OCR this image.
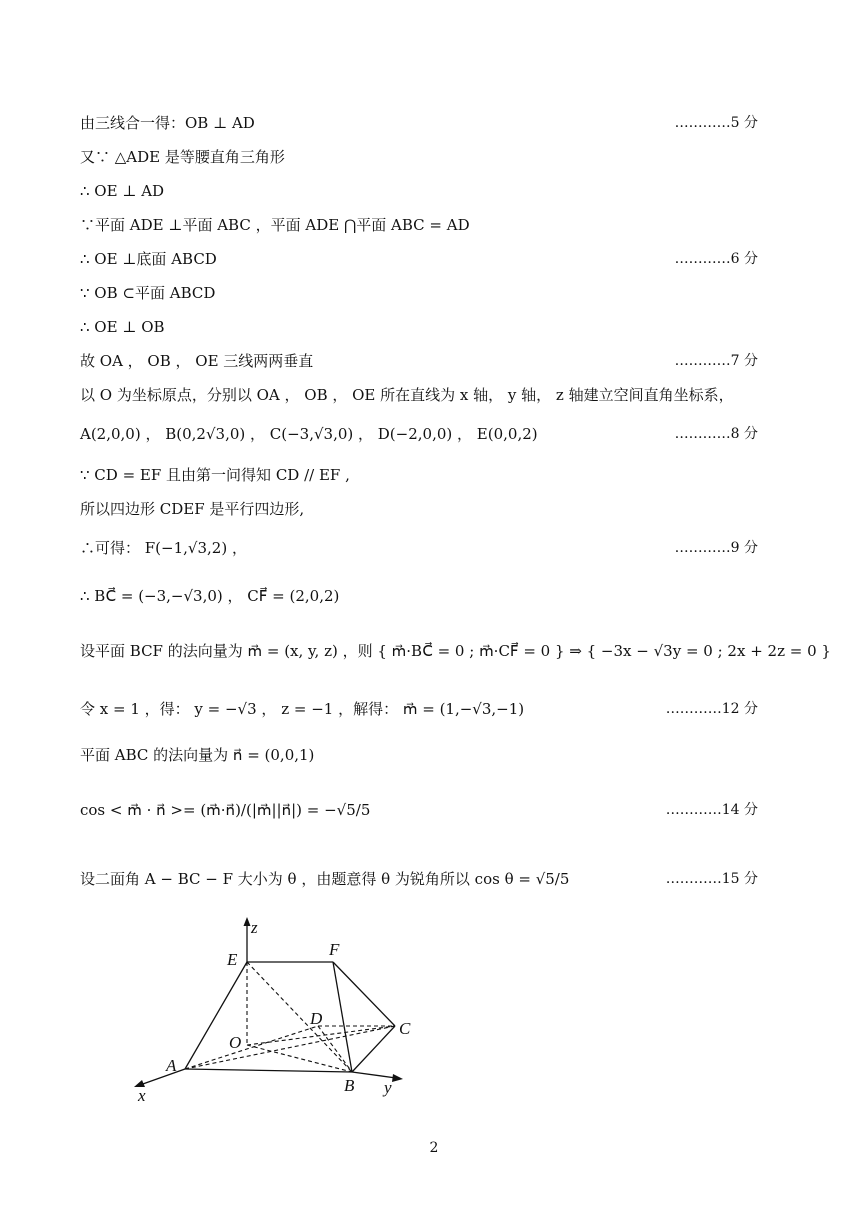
由三线合一得：OB ⊥ AD	…………5 分
又∵ △ADE 是等腰直角三角形
∴ OE ⊥ AD
∵平面 ADE ⊥平面 ABC ，平面 ADE ⋂平面 ABC = AD
∴ OE ⊥底面 ABCD	…………6 分
∵ OB ⊂平面 ABCD
∴ OE ⊥ OB
故 OA ， OB ， OE 三线两两垂直	…………7 分
以 O 为坐标原点，分别以 OA ， OB ， OE 所在直线为 x 轴， y 轴， z 轴建立空间直角坐标系，
A(2,0,0) ， B(0,2√3,0) ， C(−3,√3,0) ， D(−2,0,0) ， E(0,0,2)	…………8 分
∵ CD = EF 且由第一问得知 CD // EF ,
所以四边形 CDEF 是平行四边形,
∴可得： F(−1,√3,2) ，	…………9 分
∴ BC⃗ = (−3,−√3,0) ， CF⃗ = (2,0,2)
设平面 BCF 的法向量为 m⃗ = (x, y, z) ，则 { m⃗·BC⃗ = 0 ; m⃗·CF⃗ = 0 } ⇒ { −3x − √3y = 0 ; 2x + 2z = 0 }
令 x = 1 ，得： y = −√3 ， z = −1 ，解得： m⃗ = (1,−√3,−1)	…………12 分
平面 ABC 的法向量为 n⃗ = (0,0,1)
cos < m⃗ · n⃗ >= (m⃗·n⃗)/(|m⃗||n⃗|) = −√5/5	…………14 分
设二面角 A − BC − F 大小为 θ ，由题意得 θ 为锐角所以 cos θ = √5/5	…………15 分
z
x	y
E
F
D
C
O
A
B
2
